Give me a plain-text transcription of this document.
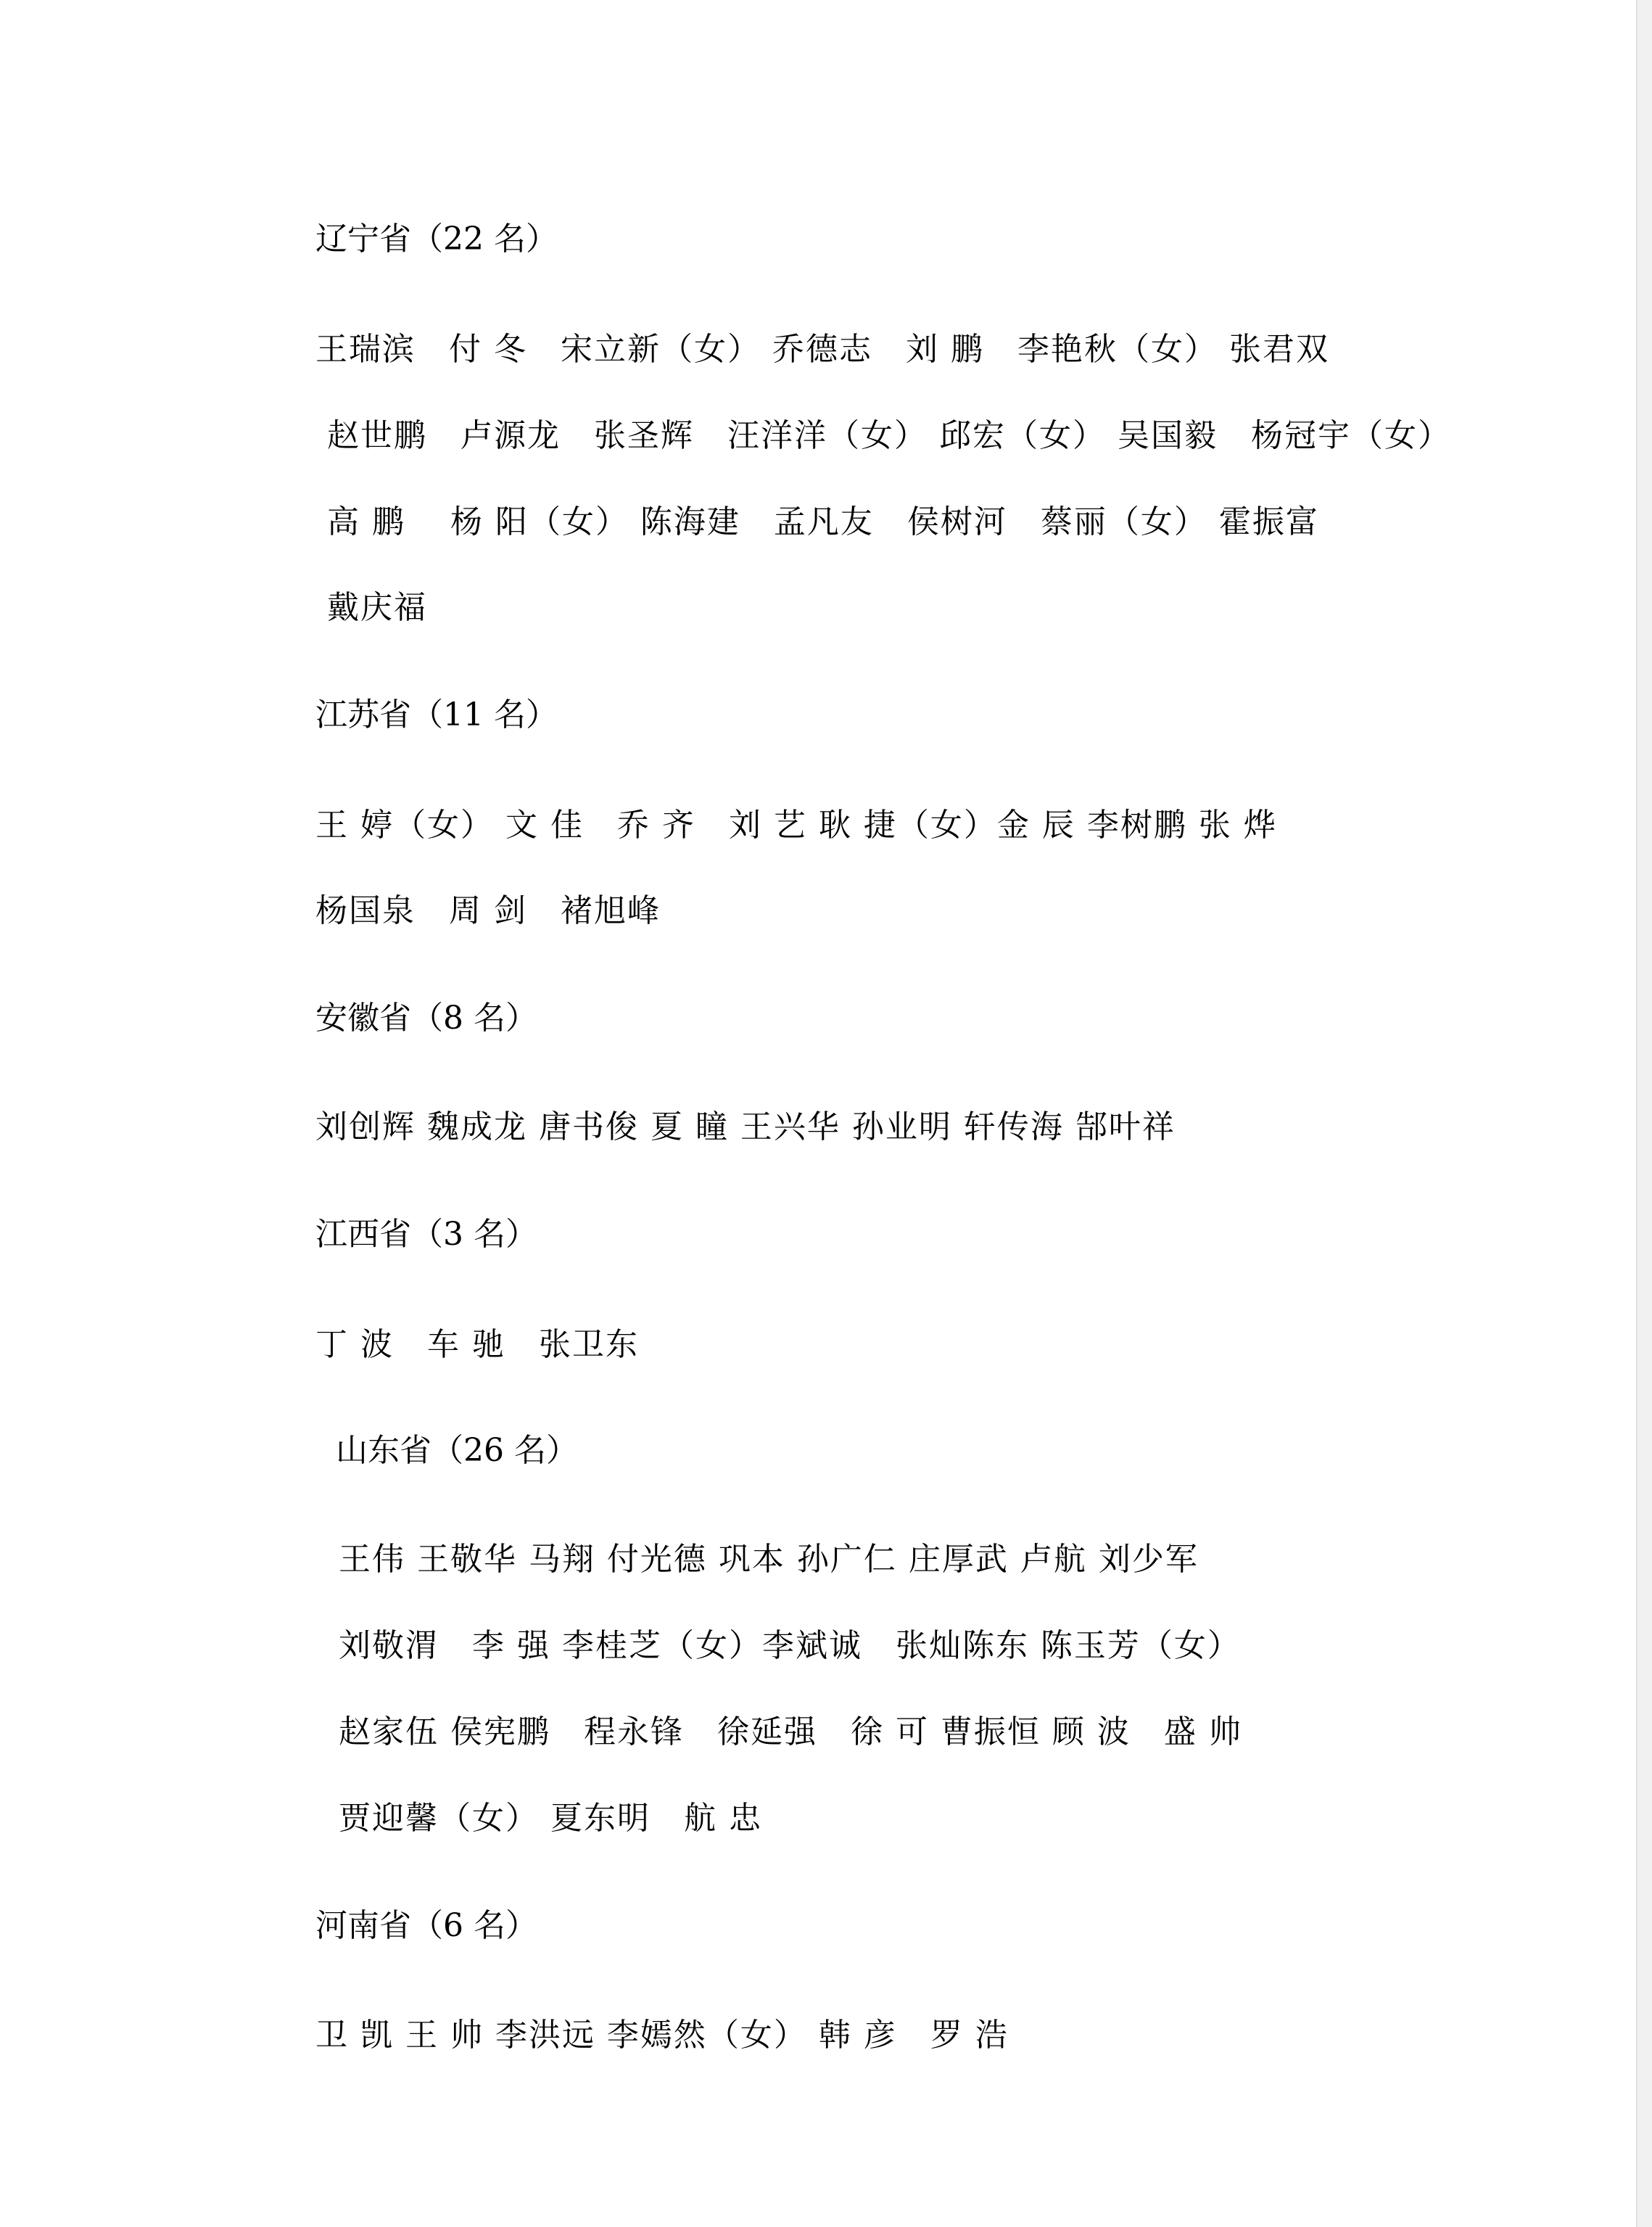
辽宁省（22 名）
王瑞滨　付 冬　宋立新（女） 乔德志　刘 鹏　李艳秋（女） 张君双
赵世鹏　卢源龙　张圣辉　汪洋洋（女） 邱宏（女） 吴国毅　杨冠宇（女）
高 鹏 　杨 阳（女） 陈海建　孟凡友　侯树河　蔡丽（女） 霍振富
戴庆福
江苏省（11 名）
王 婷（女） 文 佳　乔 齐　刘 艺 耿 捷（女）金 辰 李树鹏 张 烨
杨国泉　周 剑　褚旭峰
安徽省（8 名）
刘创辉 魏成龙 唐书俊 夏 瞳 王兴华 孙业明 轩传海 郜叶祥
江西省（3 名）
丁 波　车 驰　张卫东
山东省（26 名）
王伟 王敬华 马翔 付光德 巩本 孙广仁 庄厚武 卢航 刘少军
刘敬渭　李 强 李桂芝（女）李斌诚　张灿陈东 陈玉芳（女）
赵家伍 侯宪鹏　程永锋　徐延强　徐 可 曹振恒 顾 波　盛 帅
贾迎馨（女） 夏东明　航 忠
河南省（6 名）
卫 凯 王 帅 李洪远 李嫣然（女） 韩 彦　罗 浩
